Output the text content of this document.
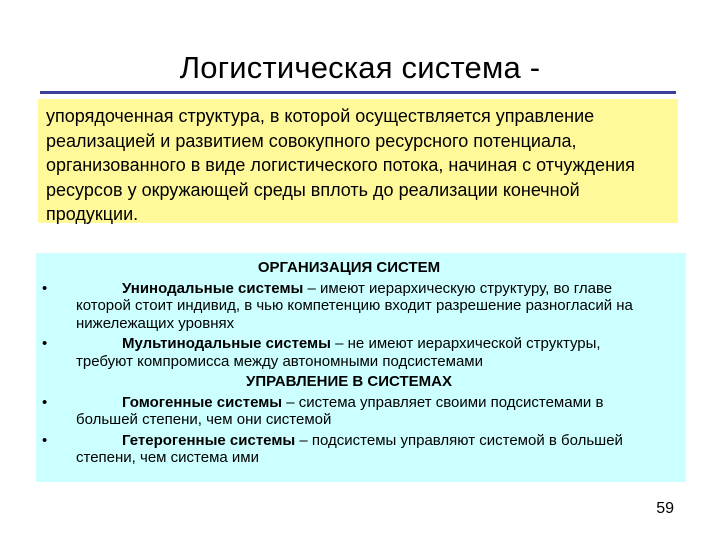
Логистическая система -
упорядоченная структура, в которой осуществляется управление реализацией и развитием совокупного ресурсного потенциала, организованного в виде логистического потока, начиная с отчуждения ресурсов у окружающей среды вплоть до реализации конечной продукции.
ОРГАНИЗАЦИЯ СИСТЕМ
•	Унинодальные системы – имеют иерархическую структуру, во главе которой стоит индивид, в чью компетенцию входит разрешение разногласий на нижележащих уровнях
•	Мультинодальные системы – не имеют иерархической структуры, требуют компромисса между автономными подсистемами
УПРАВЛЕНИЕ В СИСТЕМАХ
•	Гомогенные системы – система управляет своими подсистемами в большей степени, чем они системой
•	Гетерогенные системы – подсистемы управляют системой в большей степени, чем система ими
59
